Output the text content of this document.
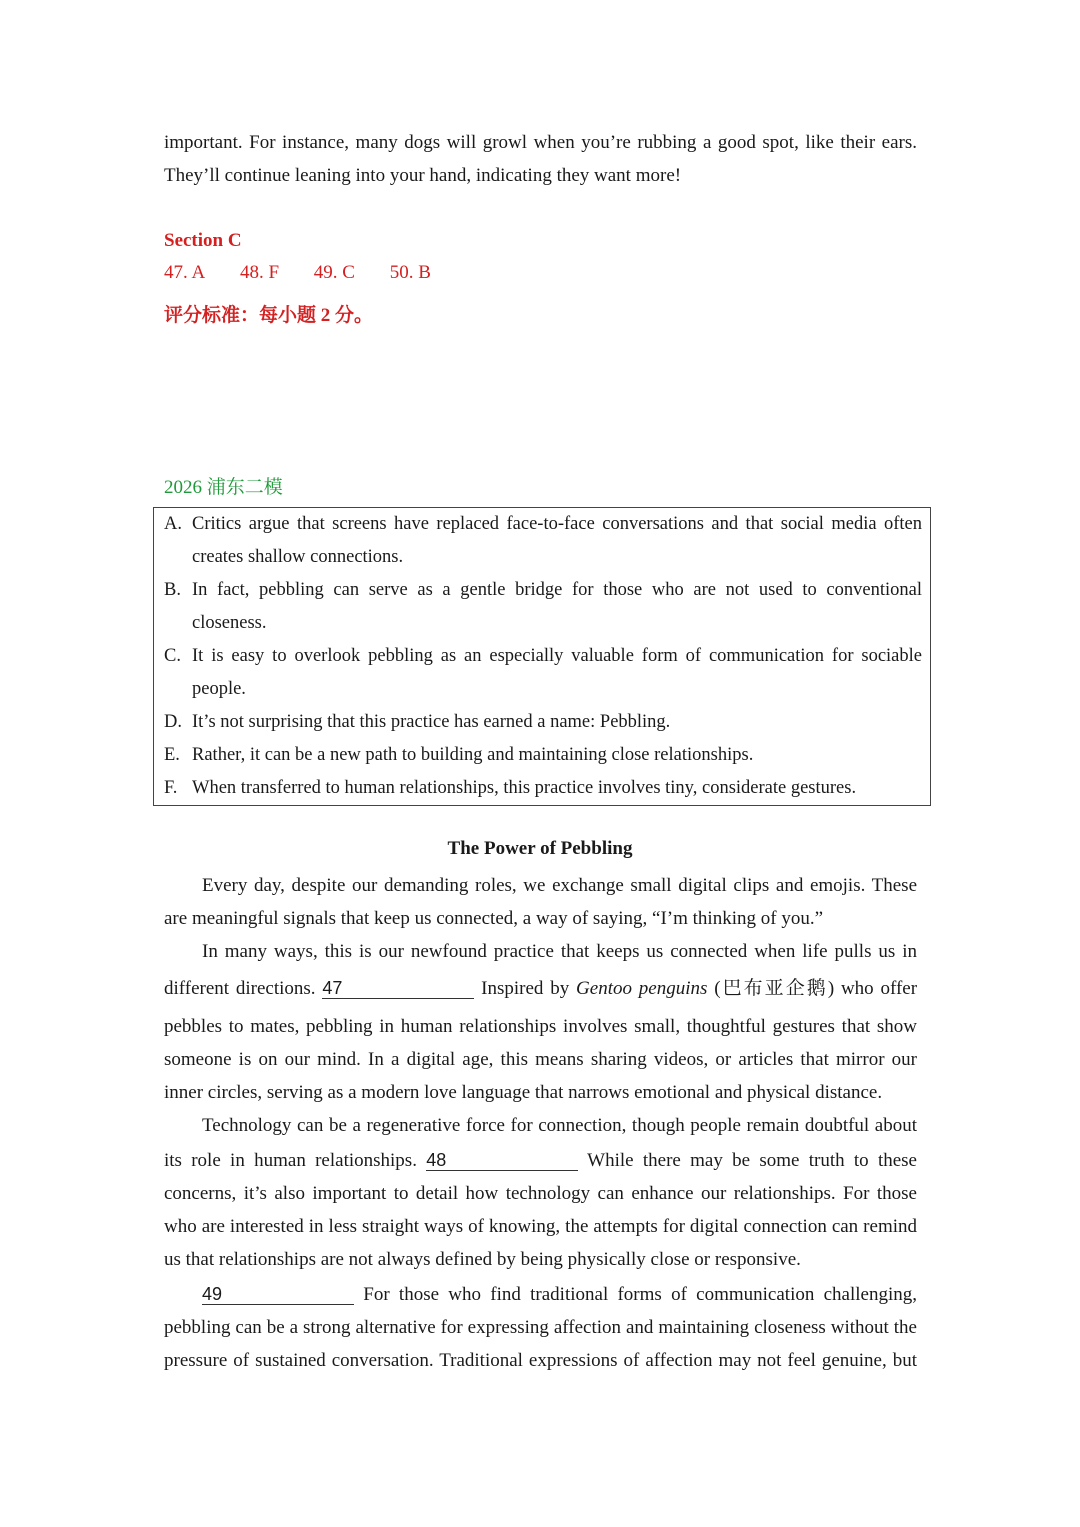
important. For instance, many dogs will growl when you’re rubbing a good spot, like their ears.
They’ll continue leaning into your hand, indicating they want more!
Section C
47. A 48. F 49. C 50. B
评分标准：每小题 2 分。
2026 浦东二模
A. Critics argue that screens have replaced face-to-face conversations and that social media often
creates shallow connections.
B. In fact, pebbling can serve as a gentle bridge for those who are not used to conventional
closeness.
C. It is easy to overlook pebbling as an especially valuable form of communication for sociable
people.
D. It’s not surprising that this practice has earned a name: Pebbling.
E. Rather, it can be a new path to building and maintaining close relationships.
F. When transferred to human relationships, this practice involves tiny, considerate gestures.
The Power of Pebbling
Every day, despite our demanding roles, we exchange small digital clips and emojis. These
are meaningful signals that keep us connected, a way of saying, “I’m thinking of you.”
In many ways, this is our newfound practice that keeps us connected when life pulls us in
different directions. 47	Inspired by Gentoo penguins (巴布亚企鹅) who offer
pebbles to mates, pebbling in human relationships involves small, thoughtful gestures that show
someone is on our mind. In a digital age, this means sharing videos, or articles that mirror our
inner circles, serving as a modern love language that narrows emotional and physical distance.
Technology can be a regenerative force for connection, though people remain doubtful about
its role in human relationships. 48	While there may be some truth to these
concerns, it’s also important to detail how technology can enhance our relationships. For those
who are interested in less straight ways of knowing, the attempts for digital connection can remind
us that relationships are not always defined by being physically close or responsive.
49	For those who find traditional forms of communication challenging,
pebbling can be a strong alternative for expressing affection and maintaining closeness without the
pressure of sustained conversation. Traditional expressions of affection may not feel genuine, but
